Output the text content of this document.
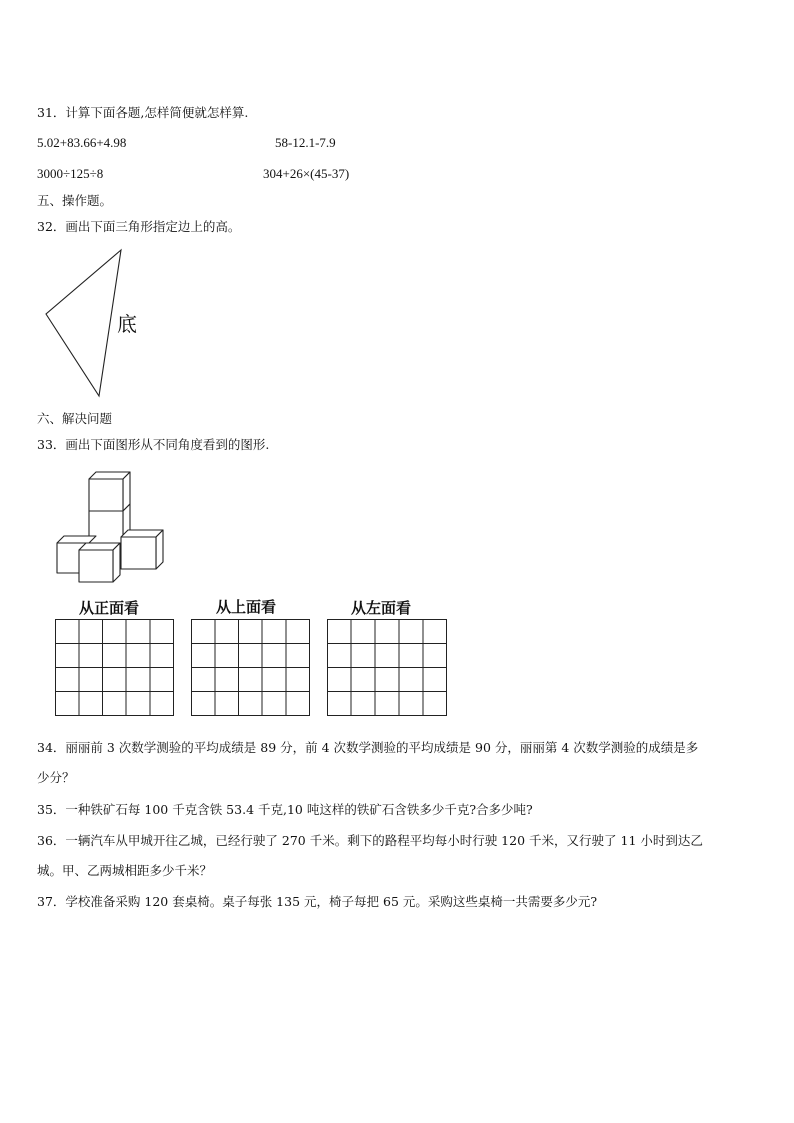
31．计算下面各题,怎样简便就怎样算.
5.02+83.66+4.98	58-12.1-7.9
3000÷125÷8	304+26×(45-37)
五、操作题。
32．画出下面三角形指定边上的高。
底
六、解决问题
33．画出下面图形从不同角度看到的图形.
从正面看	从上面看	从左面看
34．丽丽前 3 次数学测验的平均成绩是 89 分，前 4 次数学测验的平均成绩是 90 分，丽丽第 4 次数学测验的成绩是多
少分？
35．一种铁矿石每 100 千克含铁 53.4 千克,10 吨这样的铁矿石含铁多少千克?合多少吨?
36．一辆汽车从甲城开往乙城，已经行驶了 270 千米。剩下的路程平均每小时行驶 120 千米，又行驶了 11 小时到达乙
城。甲、乙两城相距多少千米？
37．学校准备采购 120 套桌椅。桌子每张 135 元，椅子每把 65 元。采购这些桌椅一共需要多少元?
